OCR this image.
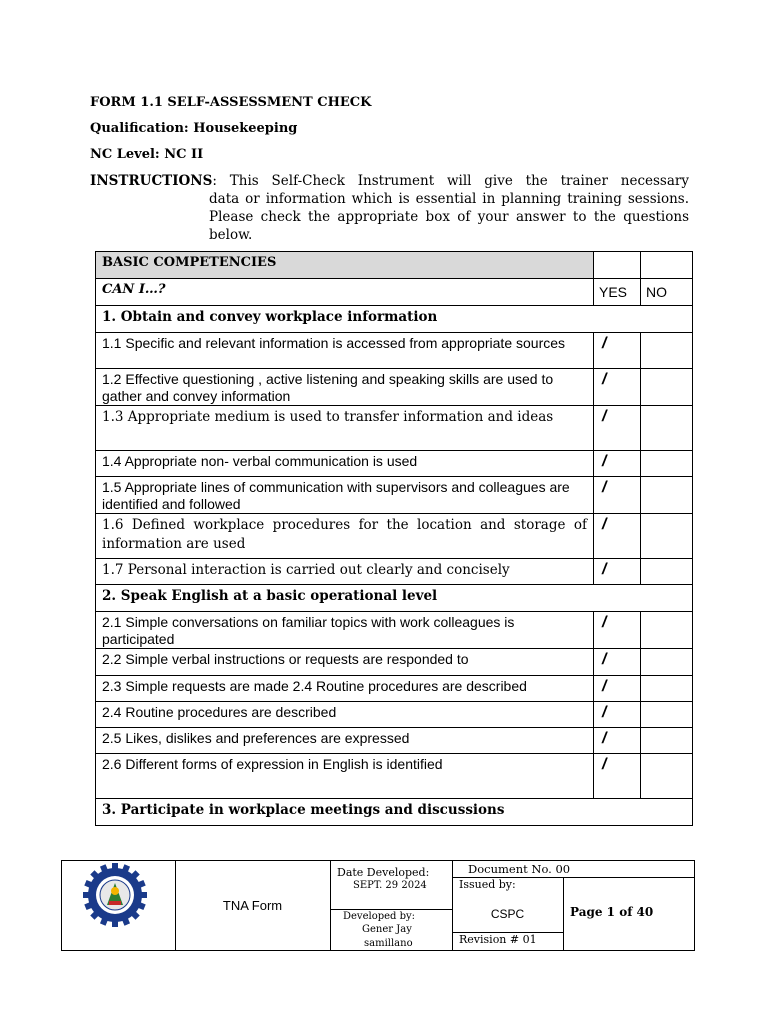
FORM 1.1 SELF-ASSESSMENT CHECK
Qualification: Housekeeping
NC Level: NC II
INSTRUCTIONS: This Self-Check Instrument will give the trainer necessary
data or information which is essential in planning training sessions. Please check the appropriate box of your answer to the questions below.
BASIC COMPETENCIES		
CAN I…?	YES	NO
1. Obtain and convey workplace information		
1.1 Specific and relevant information is accessed from appropriate sources	/	
1.2 Effective questioning , active listening and speaking skills are used to gather and convey information	/	
1.3 Appropriate medium is used to transfer information and ideas	/	
1.4 Appropriate non- verbal communication is used	/	
1.5 Appropriate lines of communication with supervisors and colleagues are identified and followed	/	
1.6 Defined workplace procedures for the location and storage of information are used	/	
1.7 Personal interaction is carried out clearly and concisely	/	
2. Speak English at a basic operational level		
2.1 Simple conversations on familiar topics with work colleagues is participated	/	
2.2 Simple verbal instructions or requests are responded to	/	
2.3 Simple requests are made 2.4 Routine procedures are described	/	
2.4 Routine procedures are described	/	
2.5 Likes, dislikes and preferences are expressed	/	
2.6 Different forms of expression in English is identified	/	
3. Participate in workplace meetings and discussions		
TNA Form
Date Developed:
SEPT. 29 2024
Developed by:
Gener Jay
samillano
Document No. 00
Issued by:
CSPC
Revision # 01
Page 1 of 40
